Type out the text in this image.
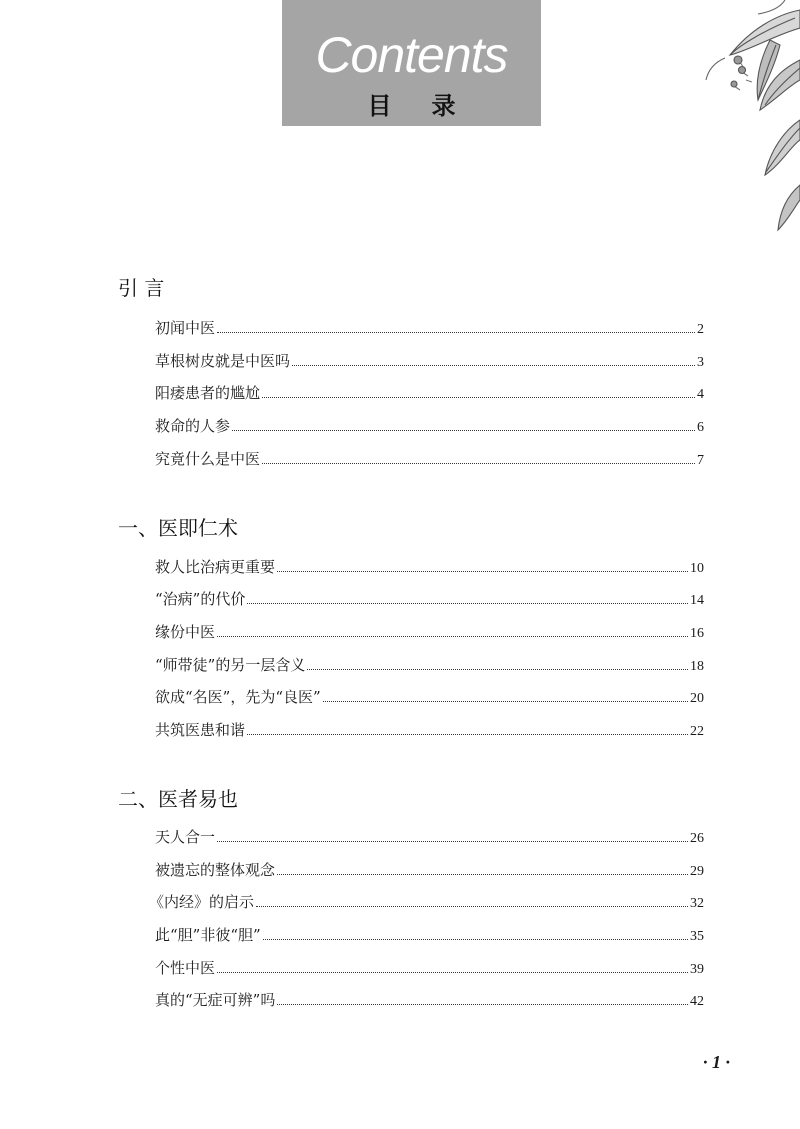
Contents
目录
引 言
初闻中医	2
草根树皮就是中医吗	3
阳痿患者的尴尬	4
救命的人参	6
究竟什么是中医	7
一、医即仁术
救人比治病更重要	10
“治病”的代价	14
缘份中医	16
“师带徒”的另一层含义	18
欲成“名医”，先为“良医”	20
共筑医患和谐	22
二、医者易也
天人合一	26
被遗忘的整体观念	29
《内经》的启示	32
此“胆”非彼“胆”	35
个性中医	39
真的“无症可辨”吗	42
· 1 ·
